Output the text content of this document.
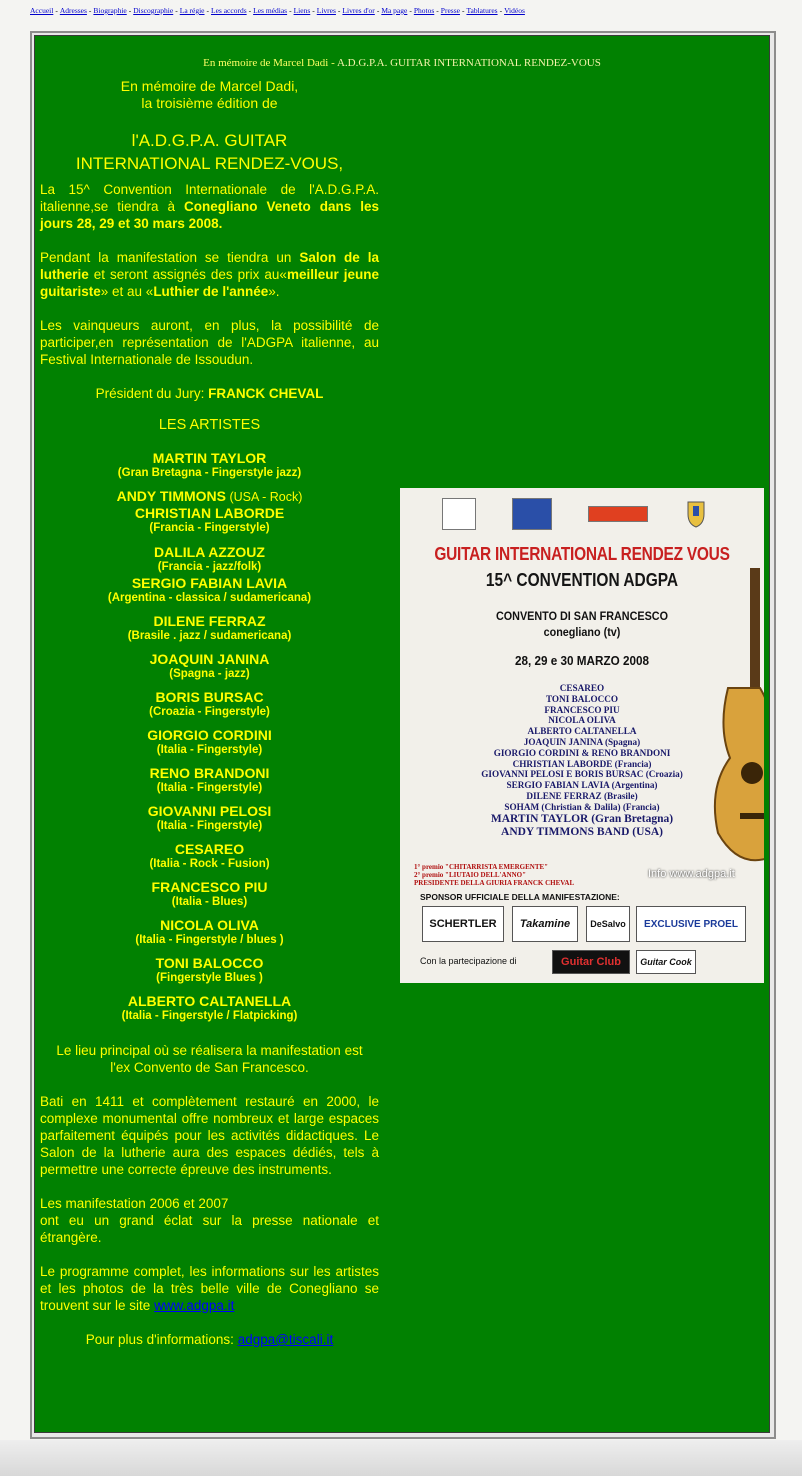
Accueil - Adresses - Biographie - Discographie - La régie - Les accords - Les médias - Liens - Livres - Livres d'or - Ma page - Photos - Presse - Tablatures - Vidéos
En mémoire de Marcel Dadi - A.D.G.P.A. GUITAR INTERNATIONAL RENDEZ-VOUS

En mémoire de Marcel Dadi,
la troisième édition de

l'A.D.G.P.A. GUITAR
INTERNATIONAL RENDEZ-VOUS,

La 15^ Convention Internationale de l'A.D.G.P.A. italienne,se tiendra à Conegliano Veneto dans les jours 28, 29 et 30 mars 2008.

Pendant la manifestation se tiendra un Salon de la lutherie et seront assignés des prix au«meilleur jeune guitariste» et au «Luthier de l'année».

Les vainqueurs auront, en plus, la possibilité de participer,en représentation de l'ADGPA italienne, au Festival Internationale de Issoudun.

Président du Jury: FRANCK CHEVAL

LES ARTISTES

MARTIN TAYLOR
(Gran Bretagna - Fingerstyle jazz)
ANDY TIMMONS (USA - Rock)
CHRISTIAN LABORDE
(Francia - Fingerstyle)
DALILA AZZOUZ
(Francia - jazz/folk)
SERGIO FABIAN LAVIA
(Argentina - classica / sudamericana)
DILENE FERRAZ
(Brasile . jazz / sudamericana)
JOAQUIN JANINA
(Spagna - jazz)
BORIS BURSAC
(Croazia - Fingerstyle)
GIORGIO CORDINI
(Italia - Fingerstyle)
RENO BRANDONI
(Italia - Fingerstyle)
GIOVANNI PELOSI
(Italia - Fingerstyle)
CESAREO
(Italia - Rock - Fusion)
FRANCESCO PIU
(Italia - Blues)
NICOLA OLIVA
(Italia - Fingerstyle / blues )
TONI BALOCCO
(Fingerstyle Blues )
ALBERTO CALTANELLA
(Italia - Fingerstyle / Flatpicking)

Le lieu principal où se réalisera la manifestation est
l'ex Convento de San Francesco.

Bati en 1411 et complètement restauré en 2000, le complexe monumental offre nombreux et large espaces parfaitement équipés pour les activités didactiques. Le Salon de la lutherie aura des espaces dédiés, tels à permettre une correcte épreuve des instruments.

Les manifestation 2006 et 2007

ont eu un grand éclat sur la presse nationale et étrangère.

Le programme complet, les informations sur les artistes et les photos de la très belle ville de Conegliano se trouvent sur le site www.adgpa.it

Pour plus d'informations: adgpa@tiscali.it

GUITAR INTERNATIONAL RENDEZ VOUS
15^ CONVENTION ADGPA
CONVENTO DI SAN FRANCESCO
conegliano (tv)
28, 29 e 30 MARZO 2008
CESAREO
TONI BALOCCO
FRANCESCO PIU
NICOLA OLIVA
ALBERTO CALTANELLA
JOAQUIN JANINA (Spagna)
GIORGIO CORDINI & RENO BRANDONI
CHRISTIAN LABORDE (Francia)
GIOVANNI PELOSI E BORIS BURSAC (Croazia)
SERGIO FABIAN LAVIA (Argentina)
DILENE FERRAZ (Brasile)
SOHAM (Christian & Dalila) (Francia)
MARTIN TAYLOR (Gran Bretagna)
ANDY TIMMONS BAND (USA)
1° premio "CHITARRISTA EMERGENTE"
2° premio "LIUTAIO DELL'ANNO"
PRESIDENTE DELLA GIURIA FRANCK CHEVAL
Info www.adgpa.it
SPONSOR UFFICIALE DELLA MANIFESTAZIONE:
SCHERTLER	Takamine	DeSalvo	EXCLUSIVE PROEL
Con la partecipazione di	Guitar Club	Guitar Cook
